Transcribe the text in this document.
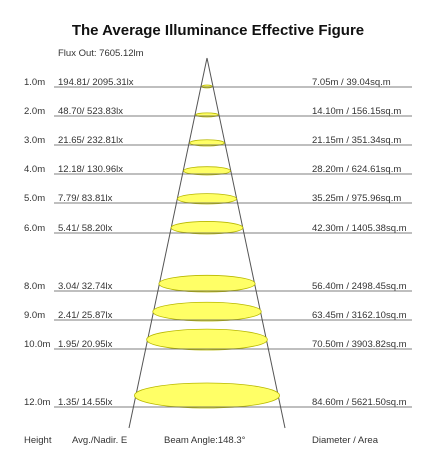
The Average Illuminance Effective Figure
1.0m 194.81/ 2095.31lx	7.05m / 39.04sq.m
2.0m 48.70/ 523.83lx	14.10m / 156.15sq.m
3.0m 21.65/ 232.81lx	21.15m / 351.34sq.m
4.0m 12.18/ 130.96lx	28.20m / 624.61sq.m
5.0m 7.79/ 83.81lx	35.25m / 975.96sq.m
6.0m 5.41/ 58.20lx	42.30m / 1405.38sq.m
8.0m 3.04/ 32.74lx	56.40m / 2498.45sq.m
9.0m 2.41/ 25.87lx	63.45m / 3162.10sq.m
10.0m 1.95/ 20.95lx	70.50m / 3903.82sq.m
12.0m 1.35/ 14.55lx	84.60m / 5621.50sq.m
Flux Out: 7605.12lm
Height Avg./Nadir. E	Beam Angle:148.3°	Diameter / Area
